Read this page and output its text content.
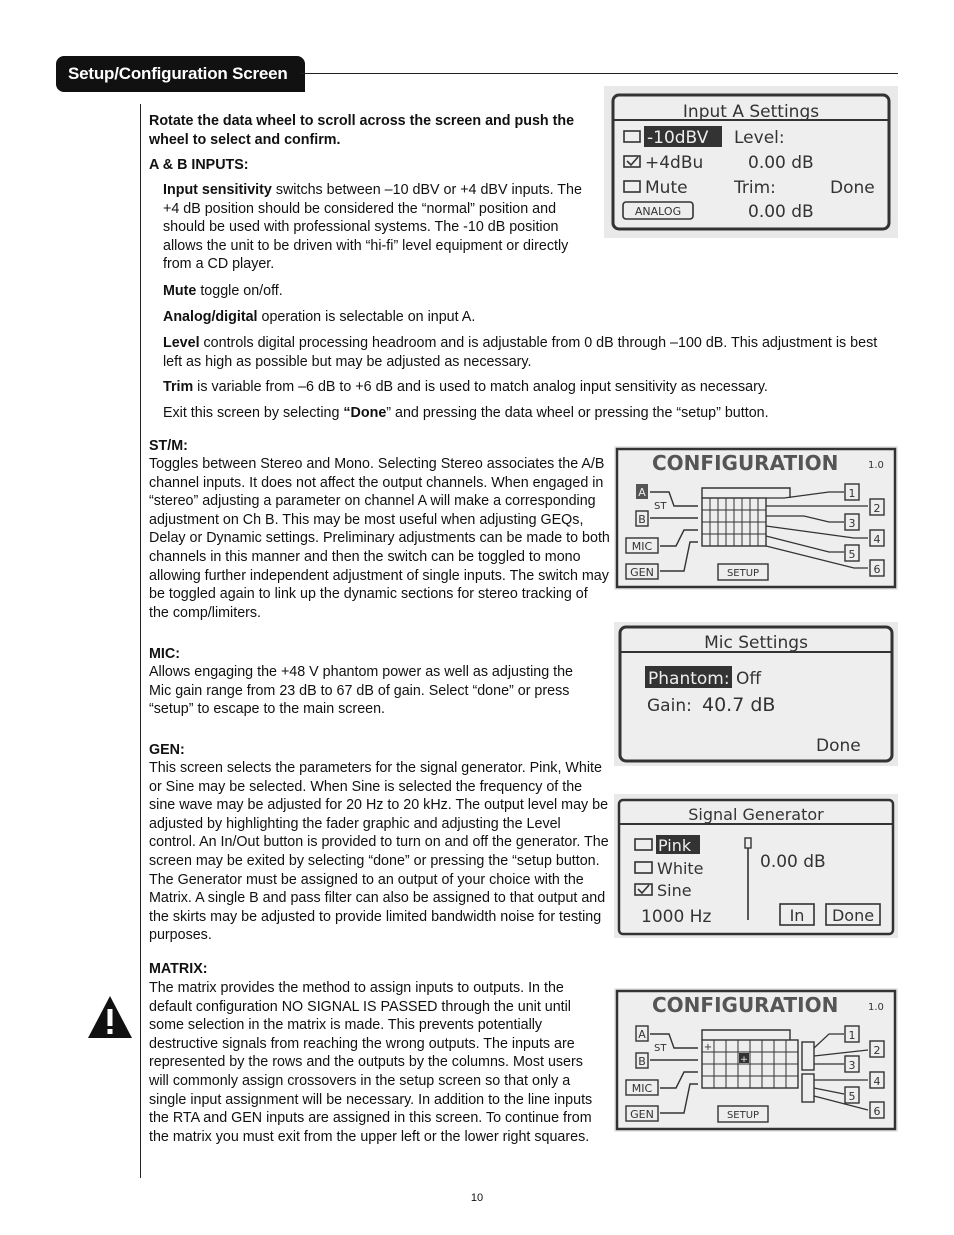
Setup/Configuration Screen

Rotate the data wheel to scroll across the screen and push the wheel to select and confirm.

A & B INPUTS:

Input sensitivity switchs between –10 dBV or +4 dBV inputs. The +4 dB position should be considered the “normal” position and should be used with professional systems. The -10 dB position allows the unit to be driven with “hi-fi” level equipment or directly from a CD player.

Mute toggle on/off.

Analog/digital operation is selectable on input A.

Level controls digital processing headroom and is adjustable from 0 dB through –100 dB. This adjustment is best left as high as possible but may be adjusted as necessary.

Trim is variable from –6 dB to +6 dB and is used to match analog input sensitivity as necessary.

Exit this screen by selecting “Done” and pressing the data wheel or pressing the “setup” button.

ST/M:

Toggles between Stereo and Mono. Selecting Stereo associates the A/B channel inputs. It does not affect the output channels. When engaged in “stereo” adjusting a parameter on channel A will make a corresponding adjustment on Ch B. This may be most useful when adjusting GEQs, Delay or Dynamic settings. Preliminary adjustments can be made to both channels in this manner and then the switch can be toggled to mono allowing further independent adjustment of single inputs. The switch may be toggled again to link up the dynamic sections for stereo tracking of the comp/limiters.

MIC:

Allows engaging the +48 V phantom power as well as adjusting the Mic gain range from 23 dB to 67 dB of gain. Select “done” or press “setup” to escape to the main screen.

GEN:

This screen selects the parameters for the signal generator. Pink, White or Sine may be selected. When Sine is selected the frequency of the sine wave may be adjusted for 20 Hz to 20 kHz. The output level may be adjusted by highlighting the fader graphic and adjusting the Level control. An In/Out button is provided to turn on and off the generator. The screen may be exited by selecting “done” or pressing the “setup button. The Generator must be assigned to an output of your choice with the Matrix. A single B and pass filter can also be assigned to that output and the skirts may be adjusted to provide limited bandwidth noise for testing purposes.

MATRIX:

The matrix provides the method to assign inputs to outputs. In the default configuration NO SIGNAL IS PASSED through the unit until some selection in the matrix is made. This prevents potentially destructive signals from reaching the wrong outputs. The inputs are represented by the rows and the outputs by the columns. Most users will commonly assign crossovers in the setup screen so that only a single input assignment will be necessary. In addition to the line inputs the RTA and GEN inputs are assigned in this screen. To continue from the matrix you must exit from the upper left or the lower right squares.

Input A Settings
-10dBV Level:
+4dBu	0.00 dB
Mute	Trim:	Done
ANALOG	0.00 dB
CONFIGURATION	1.0
A
B
ST
MIC
GEN
1
2
3
4
5
6
SETUP
Mic Settings
Phantom: Off
Gain: 40.7 dB
Done
Signal Generator
Pink
White
Sine
0.00 dB
1000 Hz	In Done
CONFIGURATION	1.0
A
B
ST
MIC
GEN
+
+
1
2
3
4
5
6
SETUP
10
